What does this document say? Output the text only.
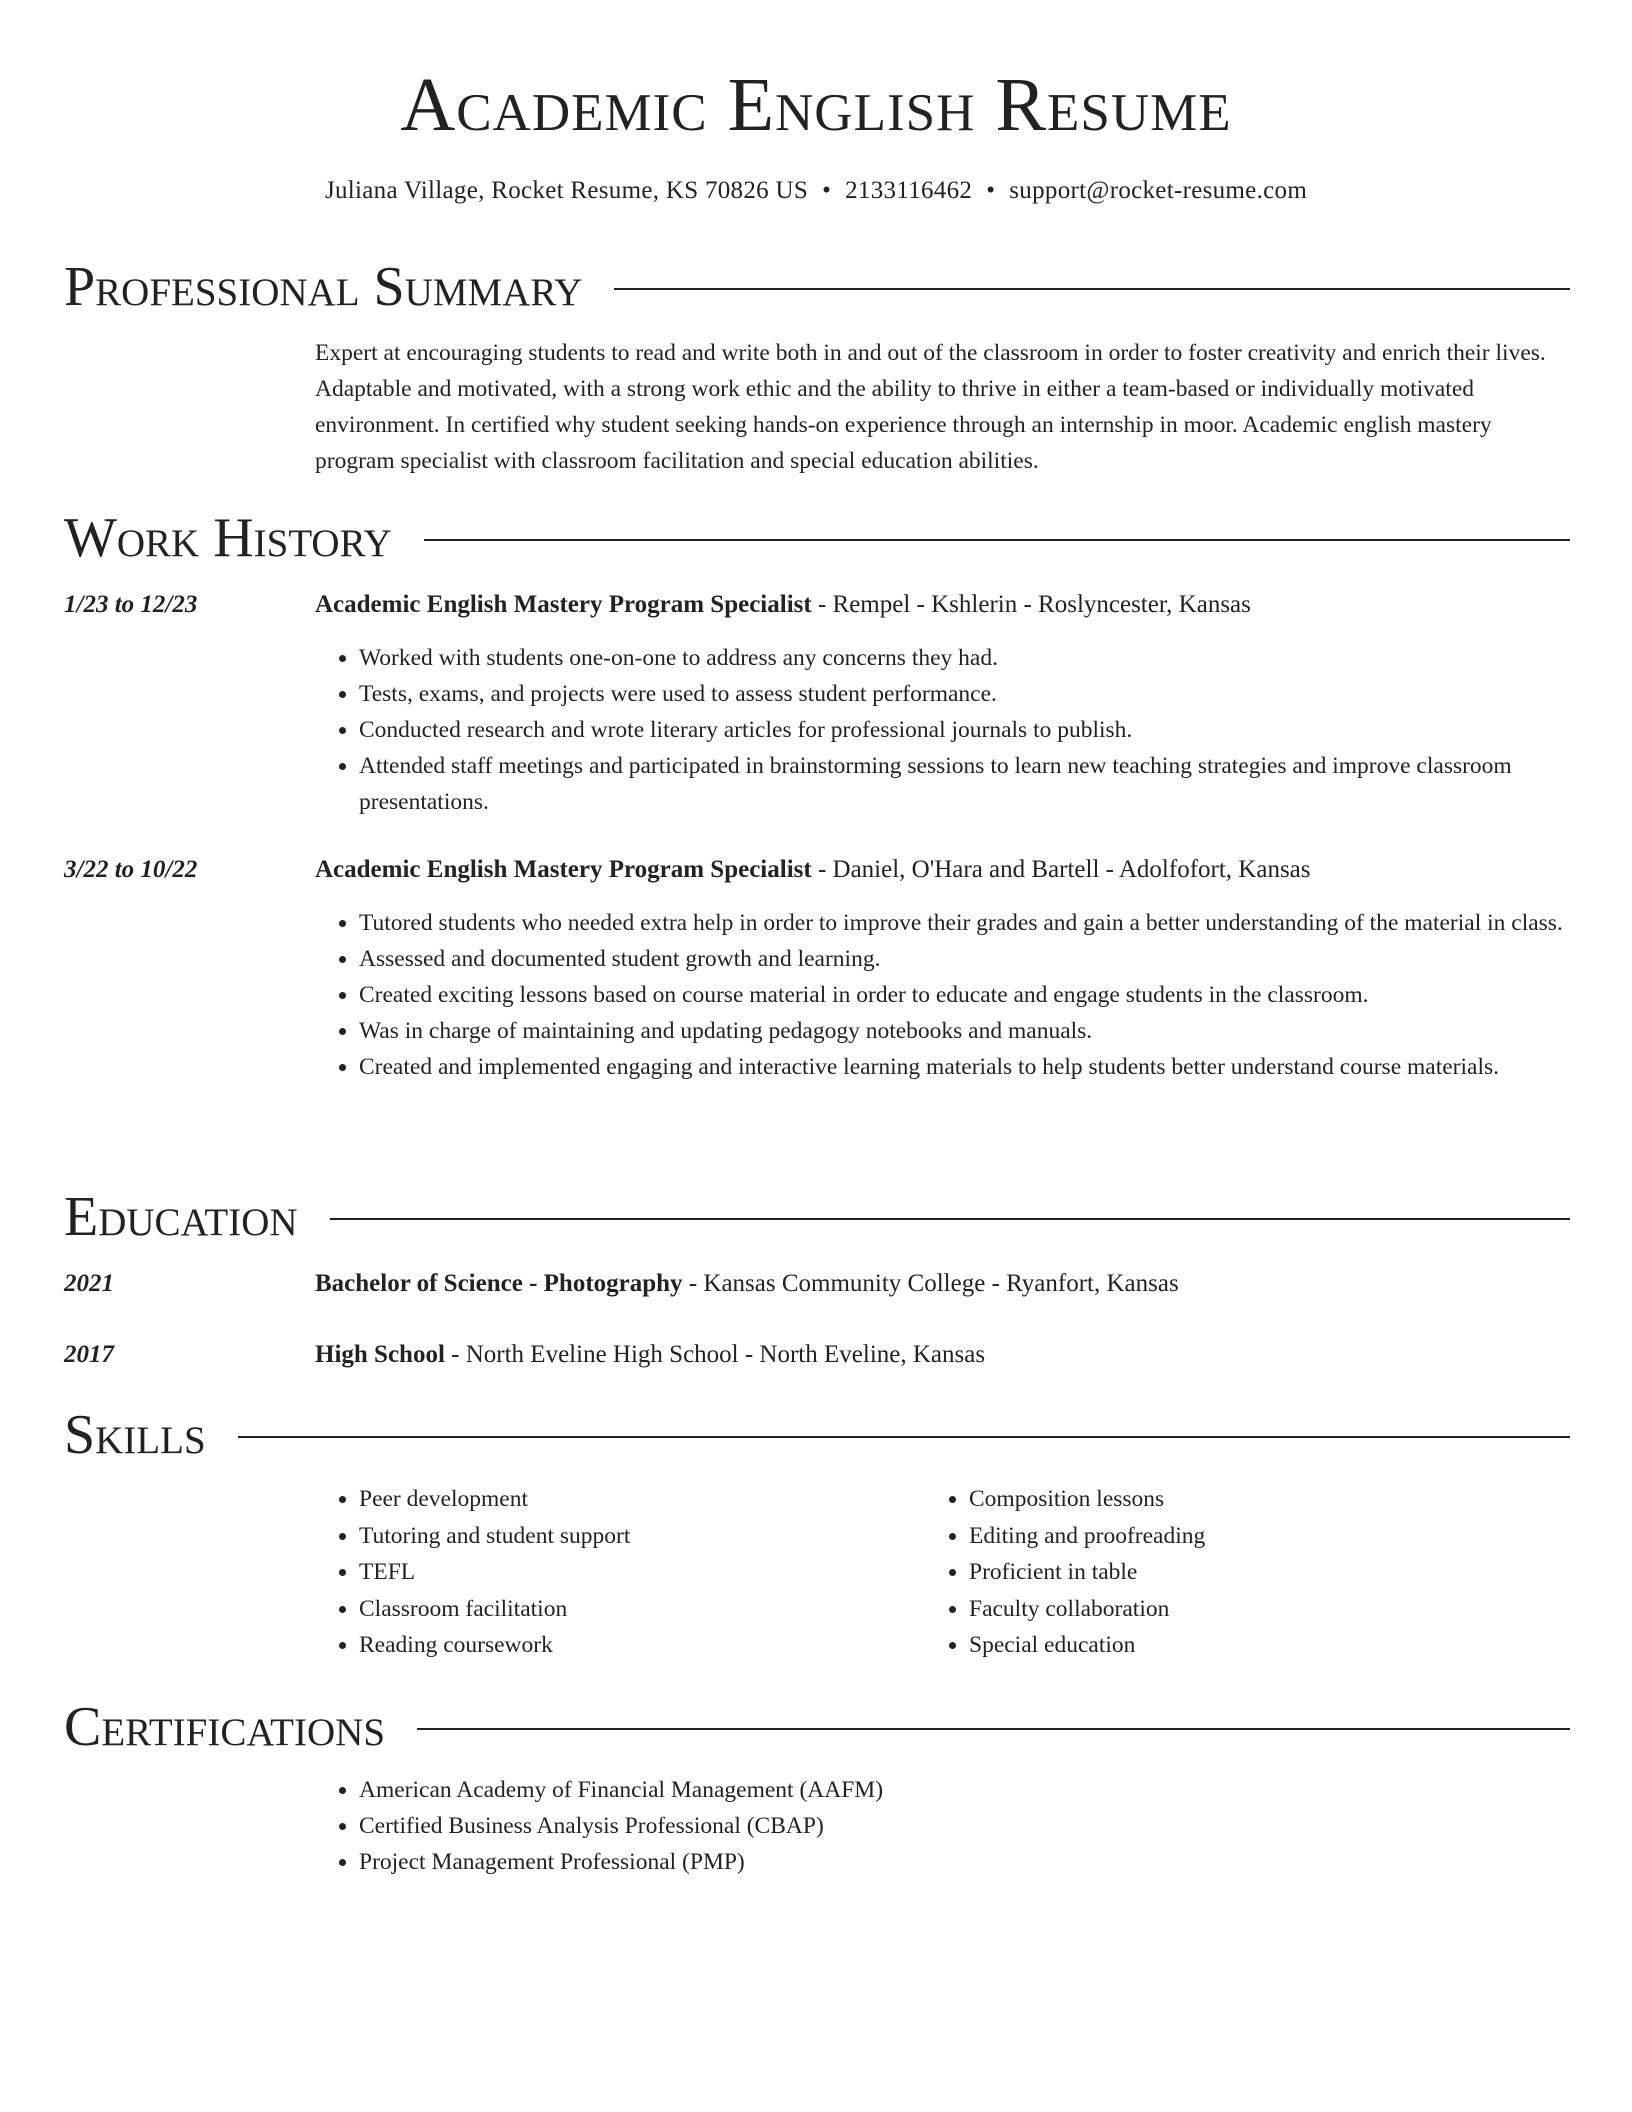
Academic English Resume
Juliana Village, Rocket Resume, KS 70826 US • 2133116462 • support@rocket-resume.com
Professional Summary

Expert at encouraging students to read and write both in and out of the classroom in order to foster creativity and enrich their lives. Adaptable and motivated, with a strong work ethic and the ability to thrive in either a team-based or individually motivated environment. In certified why student seeking hands-on experience through an internship in moor. Academic english mastery program specialist with classroom facilitation and special education abilities.

Work History
1/23 to 12/23	Academic English Mastery Program Specialist - Rempel - Kshlerin - Roslyncester, Kansas
• Worked with students one-on-one to address any concerns they had.
• Tests, exams, and projects were used to assess student performance.
• Conducted research and wrote literary articles for professional journals to publish.
• Attended staff meetings and participated in brainstorming sessions to learn new teaching strategies and improve classroom presentations.
3/22 to 10/22	Academic English Mastery Program Specialist - Daniel, O'Hara and Bartell - Adolfofort, Kansas
• Tutored students who needed extra help in order to improve their grades and gain a better understanding of the material in class.
• Assessed and documented student growth and learning.
• Created exciting lessons based on course material in order to educate and engage students in the classroom.
• Was in charge of maintaining and updating pedagogy notebooks and manuals.
• Created and implemented engaging and interactive learning materials to help students better understand course materials.
Education
2021	Bachelor of Science - Photography - Kansas Community College - Ryanfort, Kansas
2017	High School - North Eveline High School - North Eveline, Kansas
Skills
• Peer development
• Tutoring and student support
• TEFL
• Classroom facilitation
• Reading coursework
• Composition lessons
• Editing and proofreading
• Proficient in table
• Faculty collaboration
• Special education
Certifications
• American Academy of Financial Management (AAFM)
• Certified Business Analysis Professional (CBAP)
• Project Management Professional (PMP)
